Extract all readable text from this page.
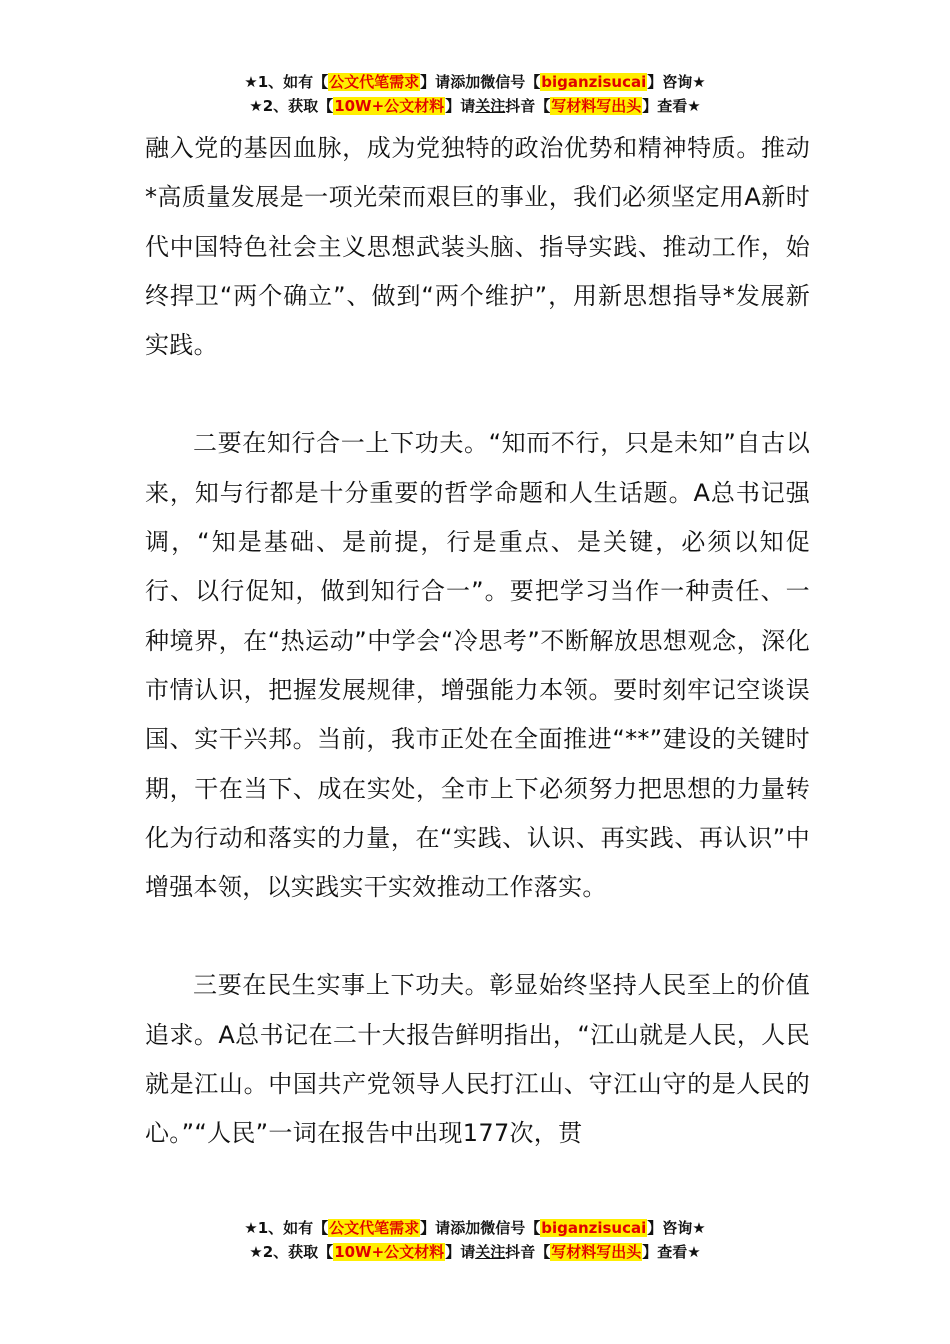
★1、如有【公文代笔需求】请添加微信号【biganzisucai】咨询★
★2、获取【10W+公文材料】请关注抖音【写材料写出头】查看★

融入党的基因血脉，成为党独特的政治优势和精神特质。推动*高质量发展是一项光荣而艰巨的事业，我们必须坚定用A新时代中国特色社会主义思想武装头脑、指导实践、推动工作，始终捍卫“两个确立”、做到“两个维护”，用新思想指导*发展新实践。

二要在知行合一上下功夫。“知而不行，只是未知”自古以来，知与行都是十分重要的哲学命题和人生话题。A总书记强调，“知是基础、是前提，行是重点、是关键，必须以知促行、以行促知，做到知行合一”。要把学习当作一种责任、一种境界，在“热运动”中学会“冷思考”不断解放思想观念，深化市情认识，把握发展规律，增强能力本领。要时刻牢记空谈误国、实干兴邦。当前，我市正处在全面推进“**”建设的关键时期，干在当下、成在实处，全市上下必须努力把思想的力量转化为行动和落实的力量，在“实践、认识、再实践、再认识”中增强本领，以实践实干实效推动工作落实。

三要在民生实事上下功夫。彰显始终坚持人民至上的价值追求。A总书记在二十大报告鲜明指出，“江山就是人民，人民就是江山。中国共产党领导人民打江山、守江山守的是人民的心。”“人民”一词在报告中出现177次，贯

★1、如有【公文代笔需求】请添加微信号【biganzisucai】咨询★
★2、获取【10W+公文材料】请关注抖音【写材料写出头】查看★
